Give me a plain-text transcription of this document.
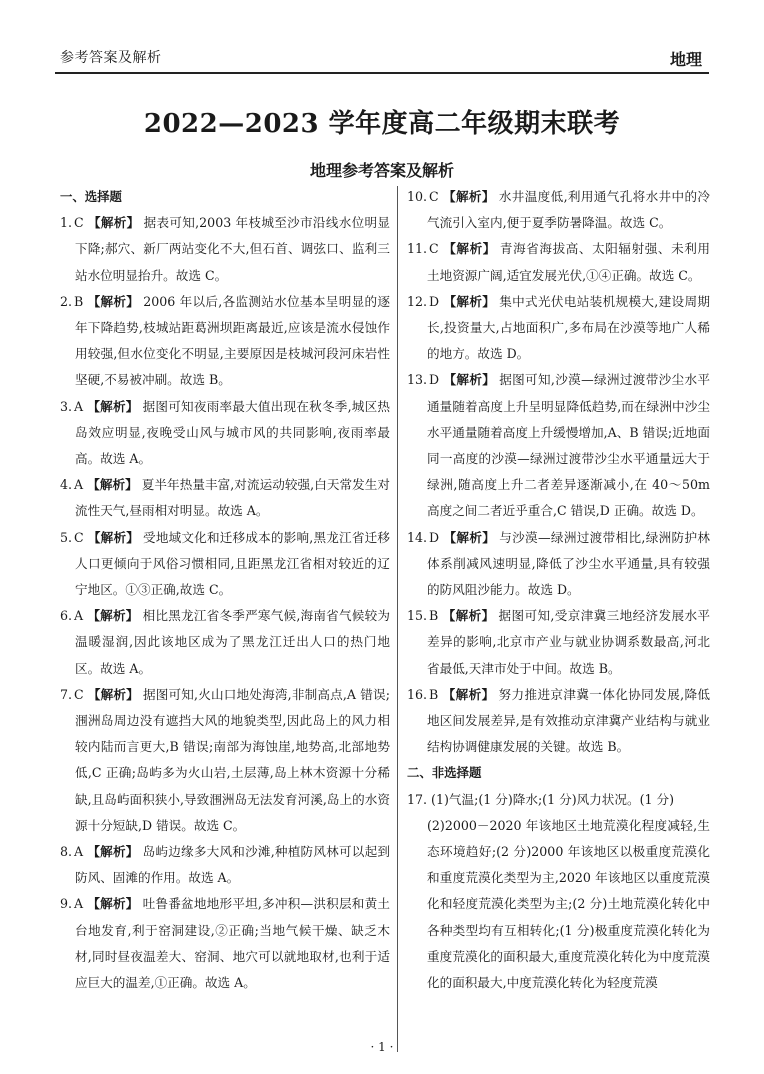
参考答案及解析	地理
2022—2023 学年度高二年级期末联考
地理参考答案及解析
一、选择题
1. C 【解析】 据表可知,2003 年枝城至沙市沿线水位明显下降;郝穴、新厂两站变化不大,但石首、调弦口、监利三站水位明显抬升。故选 C。
2. B 【解析】 2006 年以后,各监测站水位基本呈明显的逐年下降趋势,枝城站距葛洲坝距离最近,应该是流水侵蚀作用较强,但水位变化不明显,主要原因是枝城河段河床岩性坚硬,不易被冲刷。故选 B。
3. A 【解析】 据图可知夜雨率最大值出现在秋冬季,城区热岛效应明显,夜晚受山风与城市风的共同影响,夜雨率最高。故选 A。
4. A 【解析】 夏半年热量丰富,对流运动较强,白天常发生对流性天气,昼雨相对明显。故选 A。
5. C 【解析】 受地域文化和迁移成本的影响,黑龙江省迁移人口更倾向于风俗习惯相同,且距黑龙江省相对较近的辽宁地区。①③正确,故选 C。
6. A 【解析】 相比黑龙江省冬季严寒气候,海南省气候较为温暖湿润,因此该地区成为了黑龙江迁出人口的热门地区。故选 A。
7. C 【解析】 据图可知,火山口地处海湾,非制高点,A 错误;涠洲岛周边没有遮挡大风的地貌类型,因此岛上的风力相较内陆而言更大,B 错误;南部为海蚀崖,地势高,北部地势低,C 正确;岛屿多为火山岩,土层薄,岛上林木资源十分稀缺,且岛屿面积狭小,导致涠洲岛无法发育河溪,岛上的水资源十分短缺,D 错误。故选 C。
8. A 【解析】 岛屿边缘多大风和沙滩,种植防风林可以起到防风、固滩的作用。故选 A。
9. A 【解析】 吐鲁番盆地地形平坦,多冲积—洪积层和黄土台地发育,利于窑洞建设,②正确;当地气候干燥、缺乏木材,同时昼夜温差大、窑洞、地穴可以就地取材,也利于适应巨大的温差,①正确。故选 A。
10. C 【解析】 水井温度低,利用通气孔将水井中的冷气流引入室内,便于夏季防暑降温。故选 C。
11. C 【解析】 青海省海拔高、太阳辐射强、未利用土地资源广阔,适宜发展光伏,①④正确。故选 C。
12. D 【解析】 集中式光伏电站装机规模大,建设周期长,投资量大,占地面积广,多布局在沙漠等地广人稀的地方。故选 D。
13. D 【解析】 据图可知,沙漠—绿洲过渡带沙尘水平通量随着高度上升呈明显降低趋势,而在绿洲中沙尘水平通量随着高度上升缓慢增加,A、B 错误;近地面同一高度的沙漠—绿洲过渡带沙尘水平通量远大于绿洲,随高度上升二者差异逐渐减小,在 40～50m 高度之间二者近乎重合,C 错误,D 正确。故选 D。
14. D 【解析】 与沙漠—绿洲过渡带相比,绿洲防护林体系削减风速明显,降低了沙尘水平通量,具有较强的防风阻沙能力。故选 D。
15. B 【解析】 据图可知,受京津冀三地经济发展水平差异的影响,北京市产业与就业协调系数最高,河北省最低,天津市处于中间。故选 B。
16. B 【解析】 努力推进京津冀一体化协同发展,降低地区间发展差异,是有效推动京津冀产业结构与就业结构协调健康发展的关键。故选 B。
二、非选择题
17. (1)气温;(1 分)降水;(1 分)风力状况。(1 分)
(2)2000－2020 年该地区土地荒漠化程度减轻,生态环境趋好;(2 分)2000 年该地区以极重度荒漠化和重度荒漠化类型为主,2020 年该地区以重度荒漠化和轻度荒漠化类型为主;(2 分)土地荒漠化转化中各种类型均有互相转化;(1 分)极重度荒漠化转化为重度荒漠化的面积最大,重度荒漠化转化为中度荒漠化的面积最大,中度荒漠化转化为轻度荒漠
· 1 ·
